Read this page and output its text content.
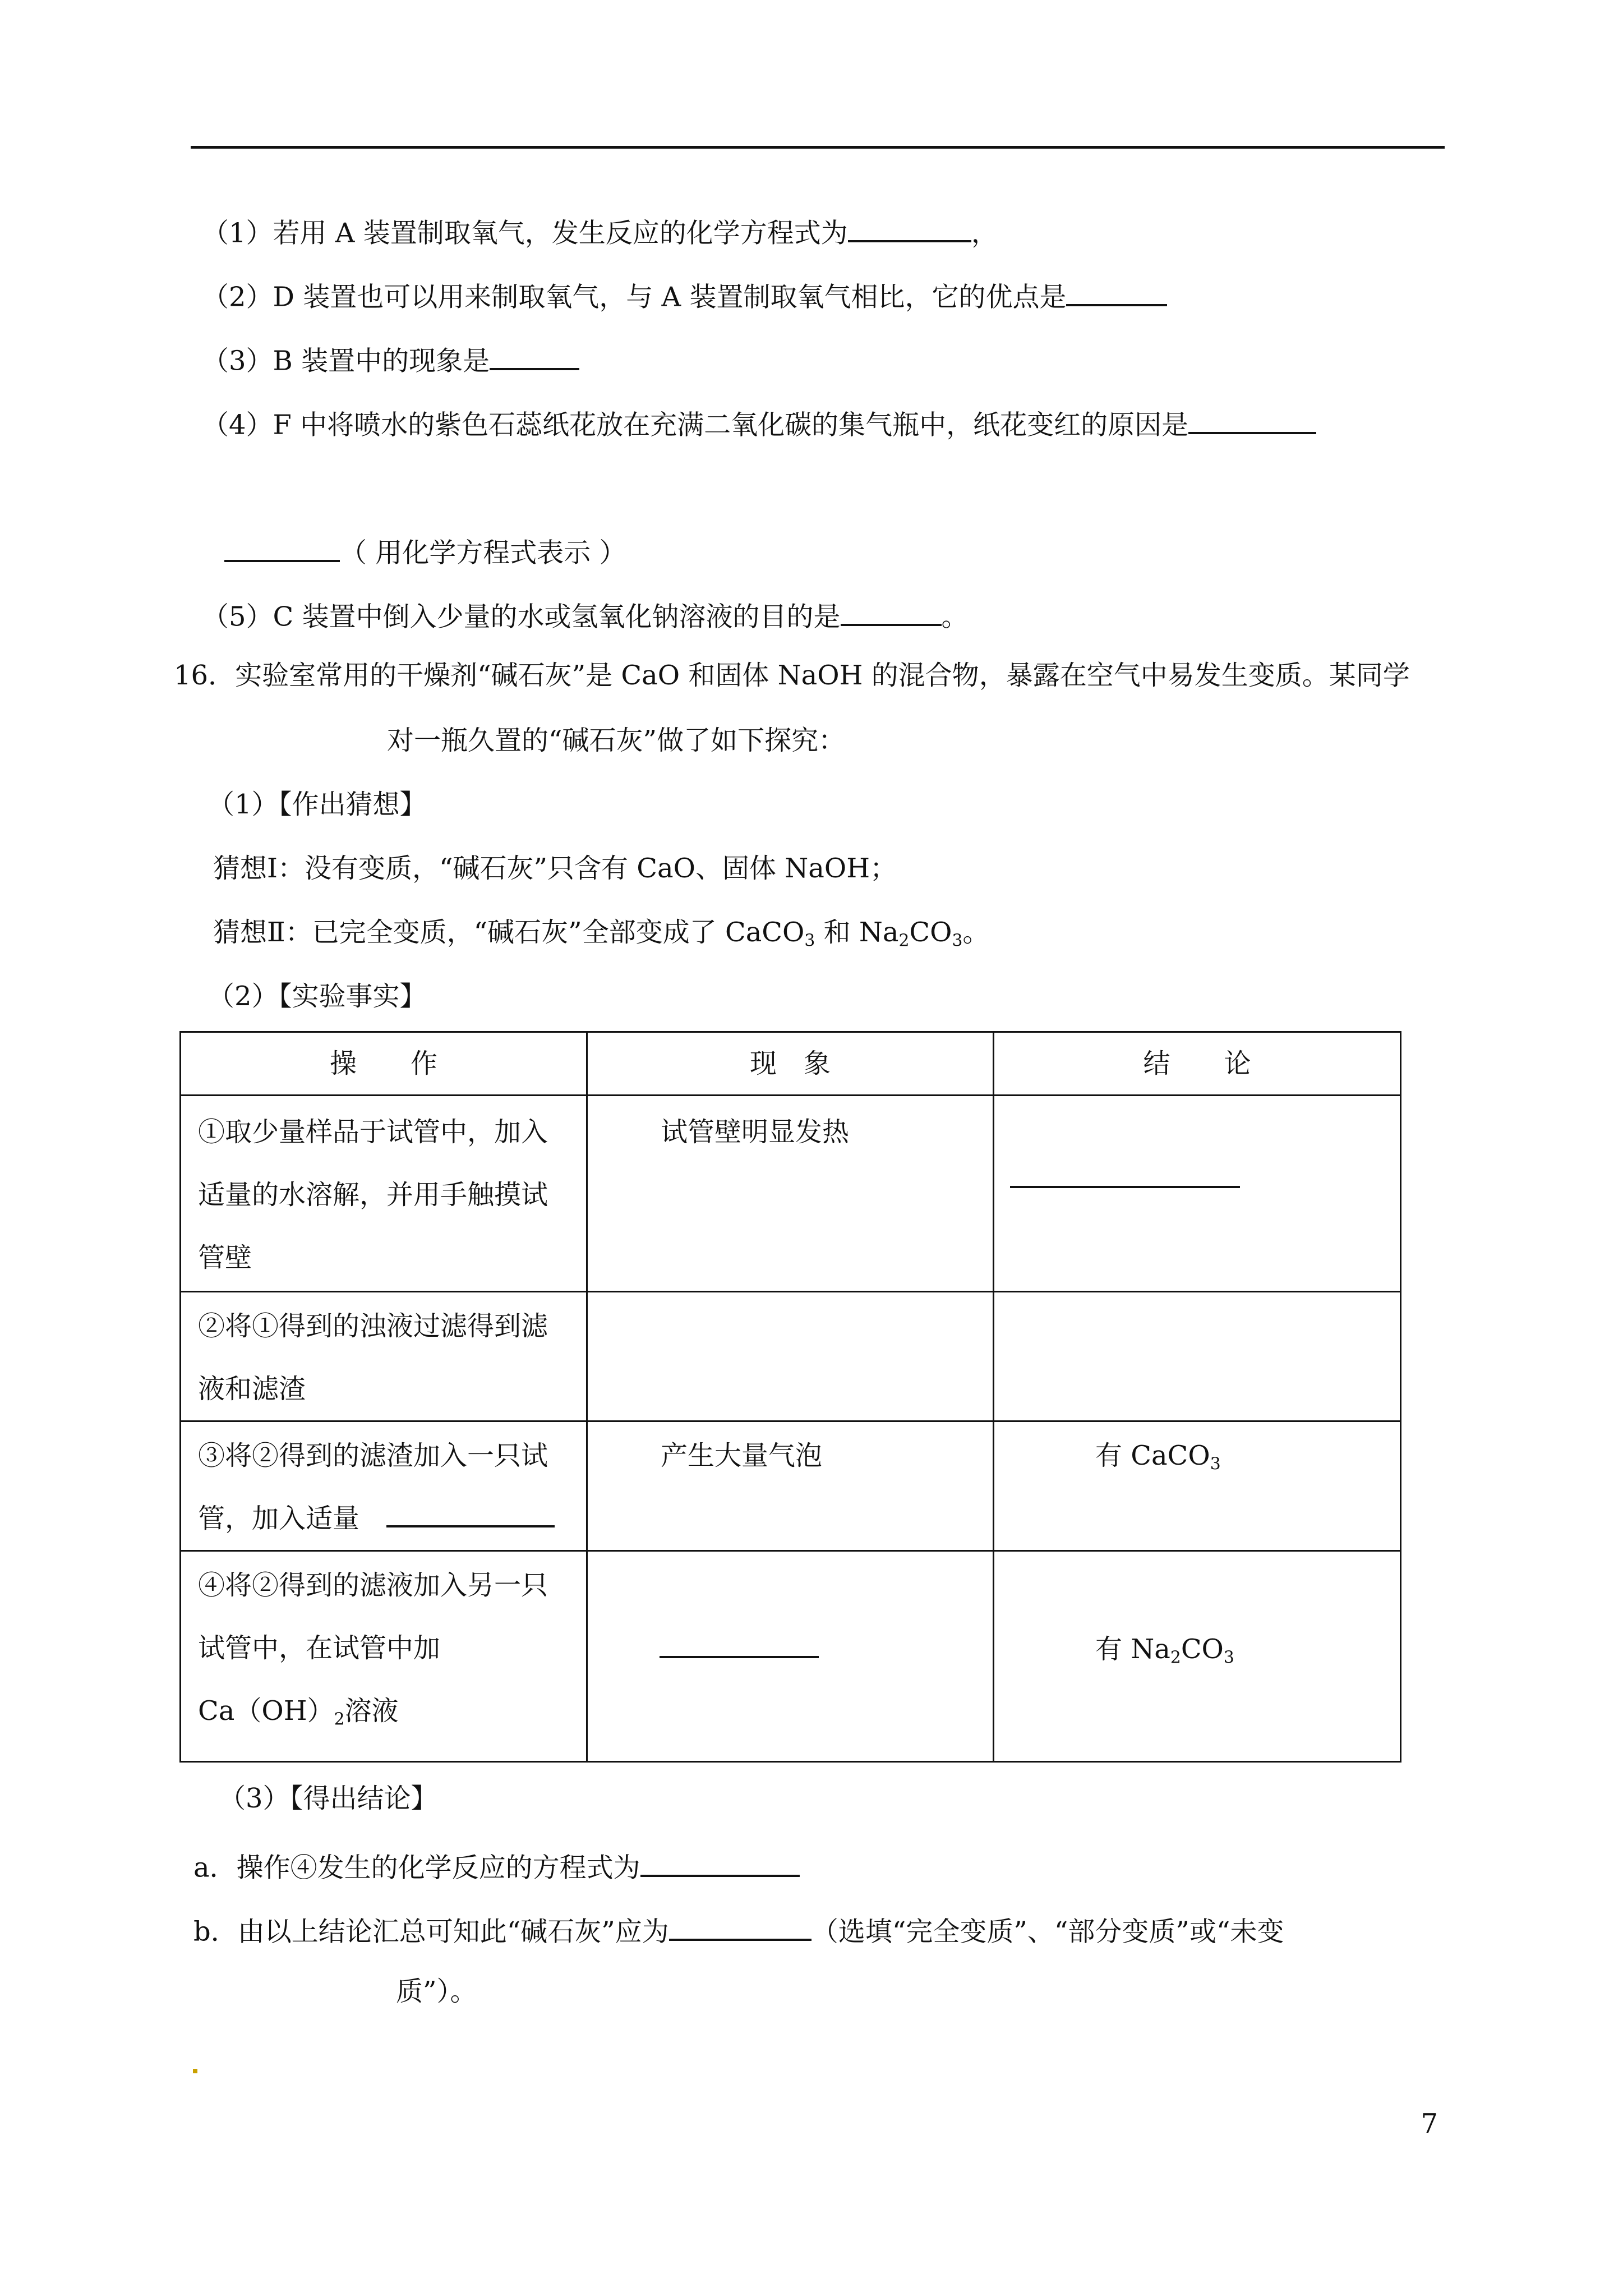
（1）若用 A 装置制取氧气，发生反应的化学方程式为	，
（2）D 装置也可以用来制取氧气，与 A 装置制取氧气相比，它的优点是
（3）B 装置中的现象是
（4）F 中将喷水的紫色石蕊纸花放在充满二氧化碳的集气瓶中，纸花变红的原因是
（ 用化学方程式表示 ）
（5）C 装置中倒入少量的水或氢氧化钠溶液的目的是	。
16．实验室常用的干燥剂“碱石灰”是 CaO 和固体 NaOH 的混合物，暴露在空气中易发生变质。某同学
对一瓶久置的“碱石灰”做了如下探究：
（1）【作出猜想】
猜想Ⅰ：没有变质，“碱石灰”只含有 CaO、固体 NaOH；
猜想Ⅱ：已完全变质，“碱石灰”全部变成了 CaCO$_3$ 和 $Na_2CO_3$。
（2）【实验事实】
操　　作	现　象	结　　论

①取少量样品于试管中，加入
适量的水溶解，并用手触摸试
管壁	试管壁明显发热	

②将①得到的浊液过滤得到滤
液和滤渣		

③将②得到的滤渣加入一只试
管，加入适量　	产生大量气泡	有 CaCO$_3$

④将②得到的滤液加入另一只
试管中，在试管中加
$Ca(OH)_2$溶液		有 $Na_2CO_3$
（3）【得出结论】
a．操作④发生的化学反应的方程式为
b．由以上结论汇总可知此“碱石灰”应为	（选填“完全变质”、“部分变质”或“未变
质”）。
7
